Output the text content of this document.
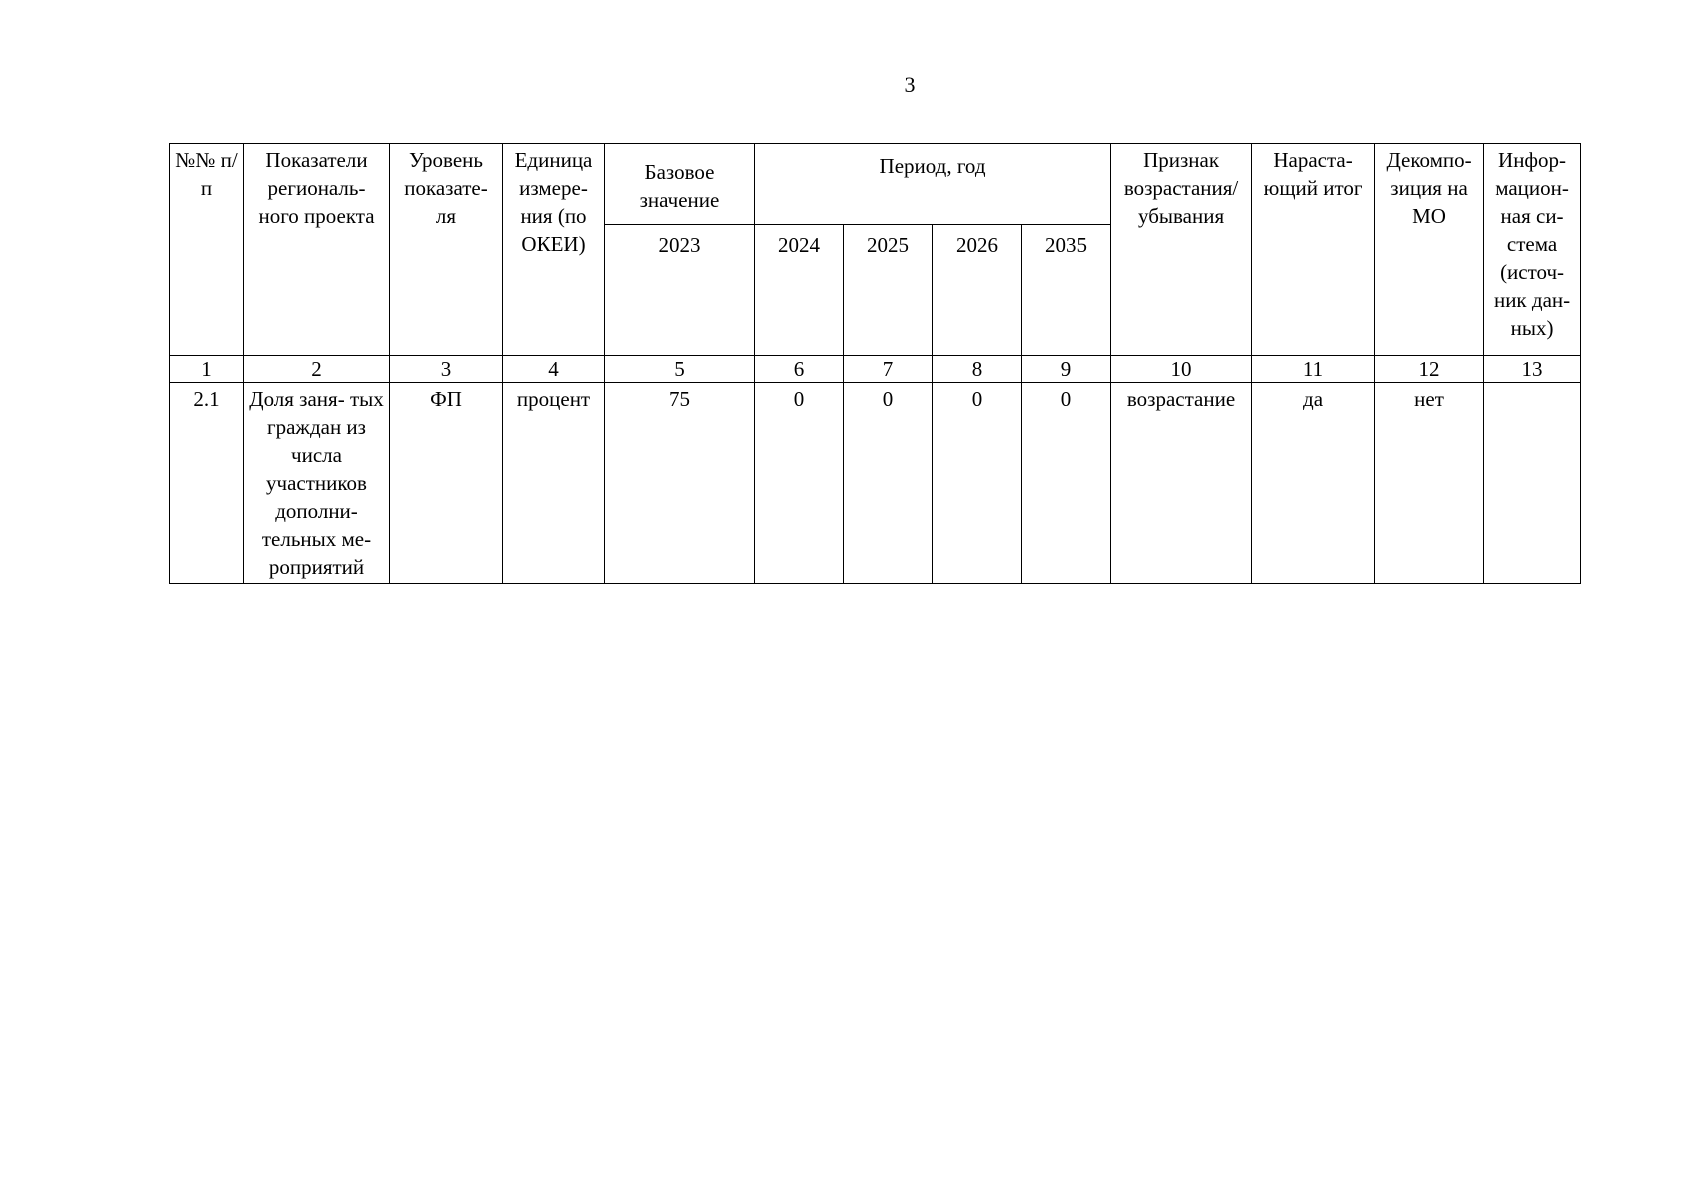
3
№№ п/п	Показатели региональ- ного проекта	Уровень показате- ля	Единица измере- ния (по ОКЕИ)	Базовое значение	Период, год				Признак возрастания/ убывания	Нараста- ющий итог	Декомпо- зиция на МО	Инфор- мацион- ная си- стема (источ- ник дан- ных)
				2023	2024	2025	2026	2035				
1	2	3	4	5	6	7	8	9	10	11	12	13
2.1	Доля заня- тых граждан из числа участников дополни- тельных ме- роприятий	ФП	процент	75	0	0	0	0	возрастание	да	нет	
